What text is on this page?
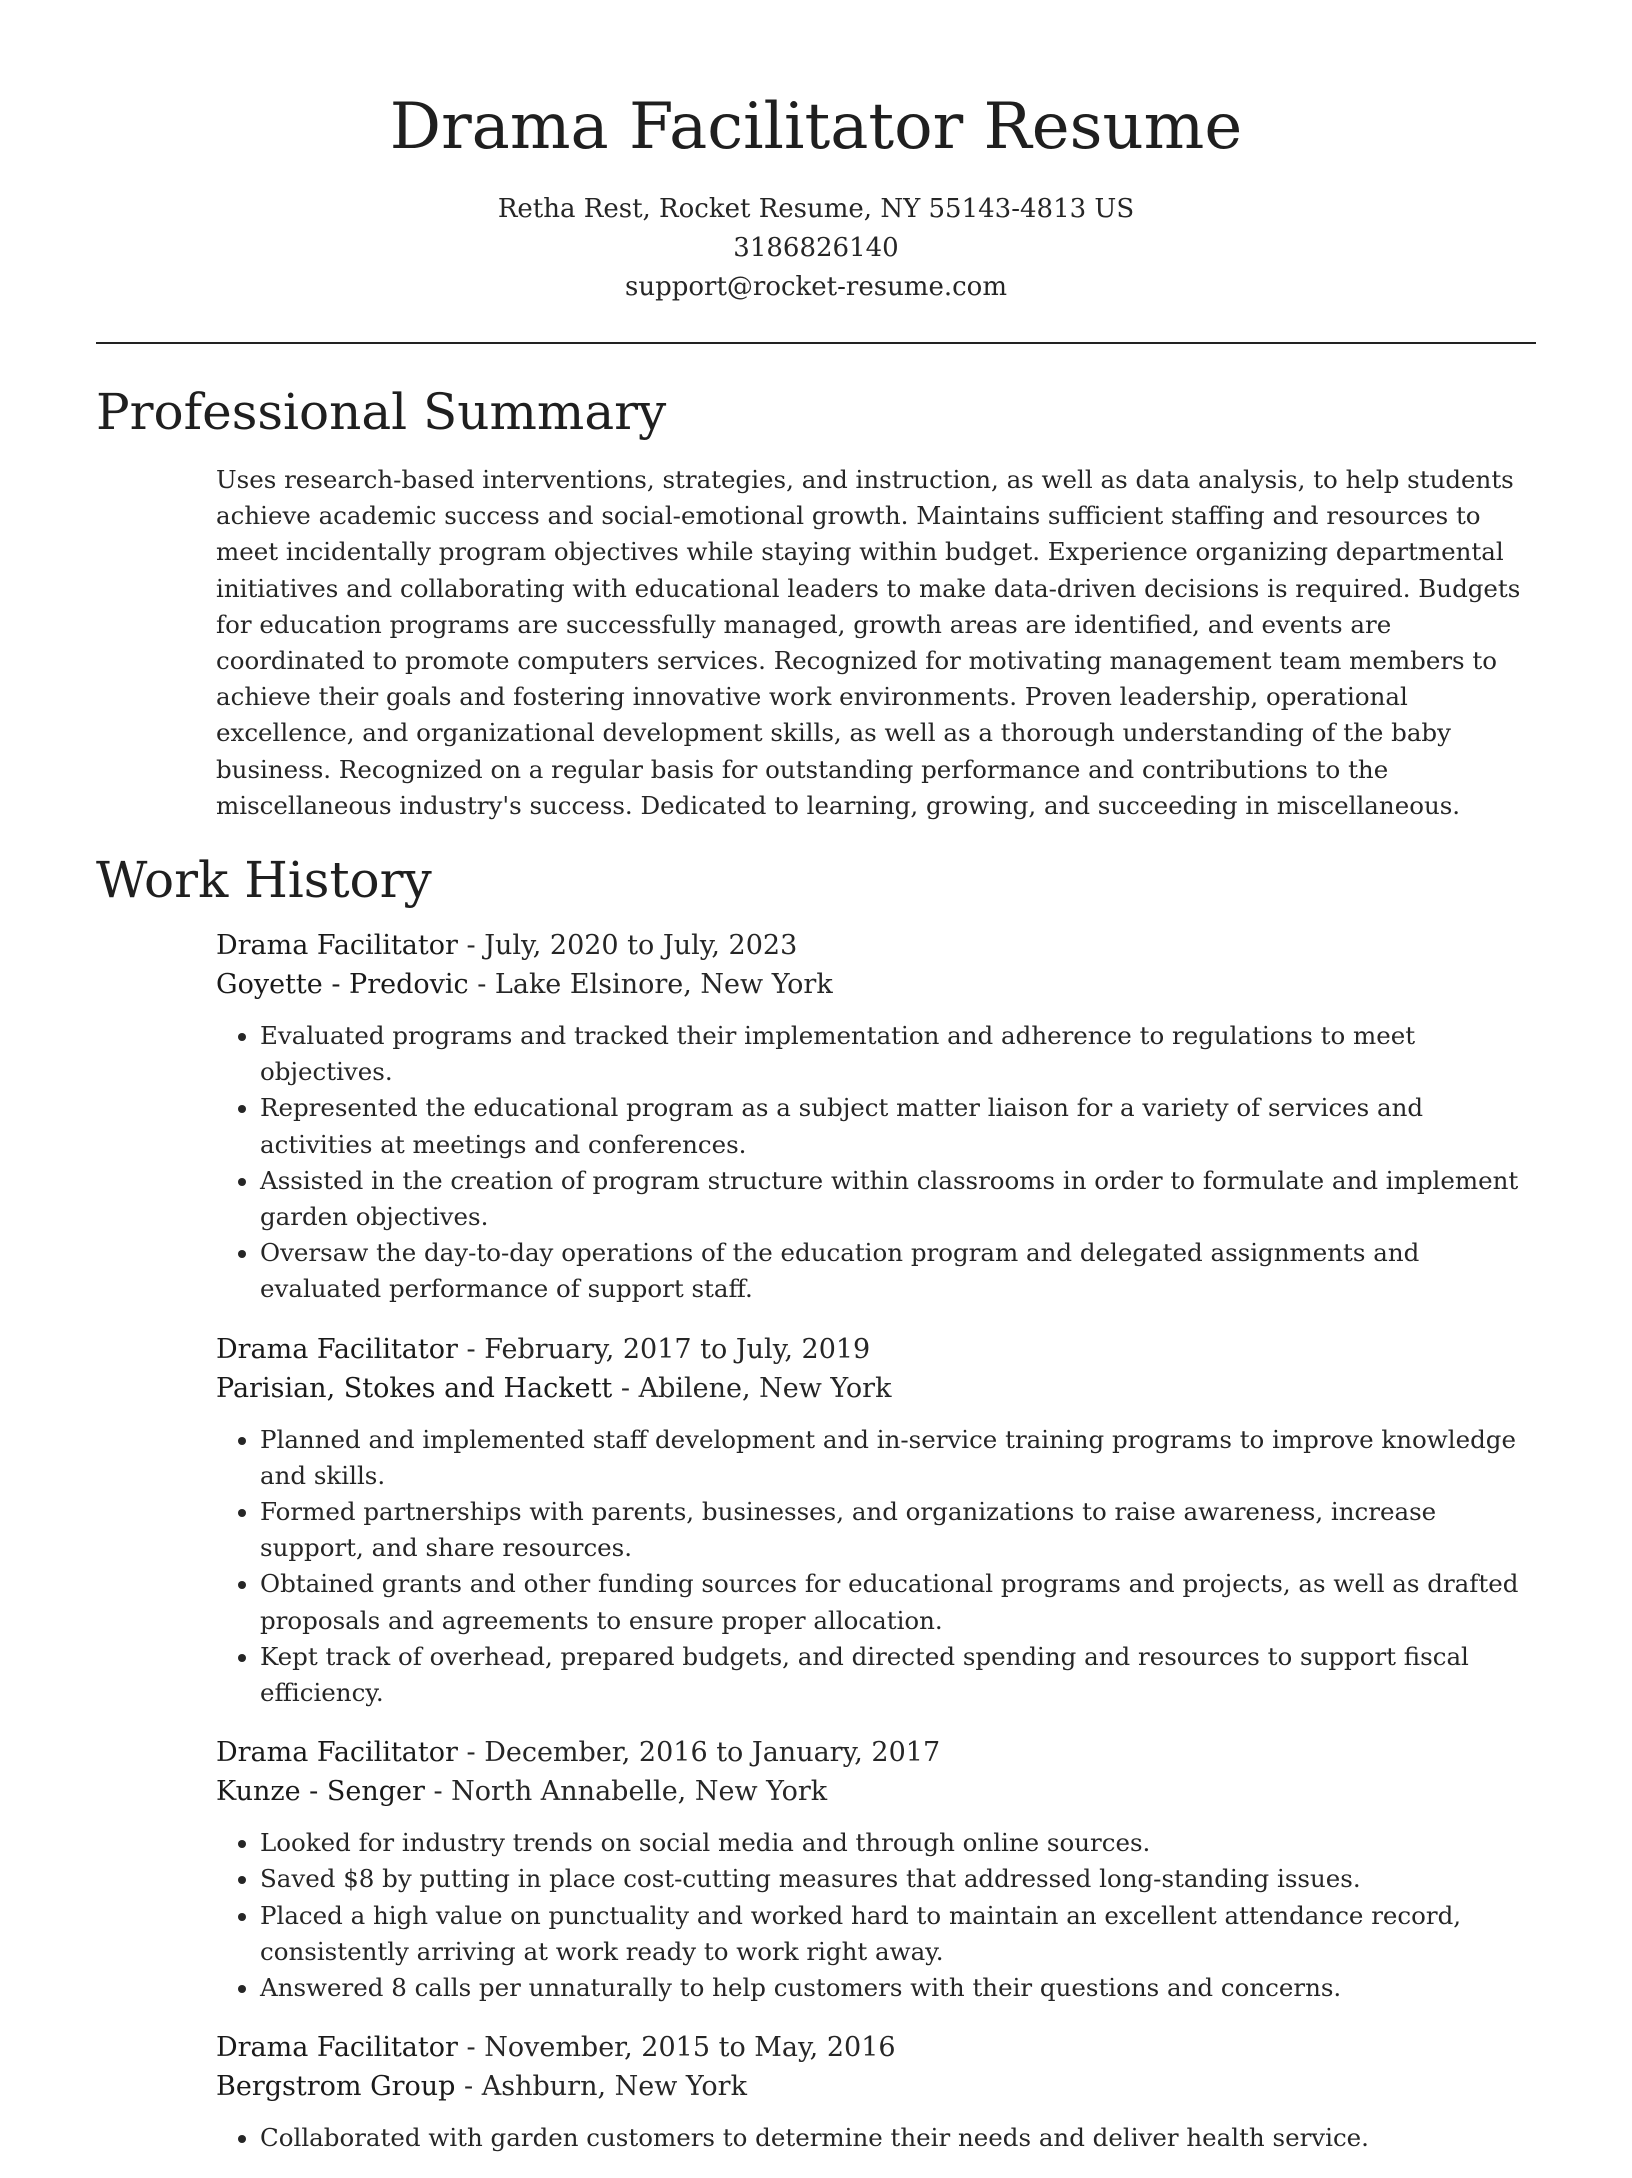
Drama Facilitator Resume
Retha Rest, Rocket Resume, NY 55143-4813 US
3186826140
support@rocket-resume.com
Professional Summary

Uses research-based interventions, strategies, and instruction, as well as data analysis, to help students achieve academic success and social-emotional growth. Maintains sufficient staffing and resources to meet incidentally program objectives while staying within budget. Experience organizing departmental initiatives and collaborating with educational leaders to make data-driven decisions is required. Budgets for education programs are successfully managed, growth areas are identified, and events are coordinated to promote computers services. Recognized for motivating management team members to achieve their goals and fostering innovative work environments. Proven leadership, operational excellence, and organizational development skills, as well as a thorough understanding of the baby business. Recognized on a regular basis for outstanding performance and contributions to the miscellaneous industry's success. Dedicated to learning, growing, and succeeding in miscellaneous.

Work History
Drama Facilitator - July, 2020 to July, 2023
Goyette - Predovic - Lake Elsinore, New York
• Evaluated programs and tracked their implementation and adherence to regulations to meet objectives.
• Represented the educational program as a subject matter liaison for a variety of services and activities at meetings and conferences.
• Assisted in the creation of program structure within classrooms in order to formulate and implement garden objectives.
• Oversaw the day-to-day operations of the education program and delegated assignments and evaluated performance of support staff.
Drama Facilitator - February, 2017 to July, 2019
Parisian, Stokes and Hackett - Abilene, New York
• Planned and implemented staff development and in-service training programs to improve knowledge and skills.
• Formed partnerships with parents, businesses, and organizations to raise awareness, increase support, and share resources.
• Obtained grants and other funding sources for educational programs and projects, as well as drafted proposals and agreements to ensure proper allocation.
• Kept track of overhead, prepared budgets, and directed spending and resources to support fiscal efficiency.
Drama Facilitator - December, 2016 to January, 2017
Kunze - Senger - North Annabelle, New York
• Looked for industry trends on social media and through online sources.
• Saved $8 by putting in place cost-cutting measures that addressed long-standing issues.
• Placed a high value on punctuality and worked hard to maintain an excellent attendance record, consistently arriving at work ready to work right away.
• Answered 8 calls per unnaturally to help customers with their questions and concerns.
Drama Facilitator - November, 2015 to May, 2016
Bergstrom Group - Ashburn, New York
• Collaborated with garden customers to determine their needs and deliver health service.
